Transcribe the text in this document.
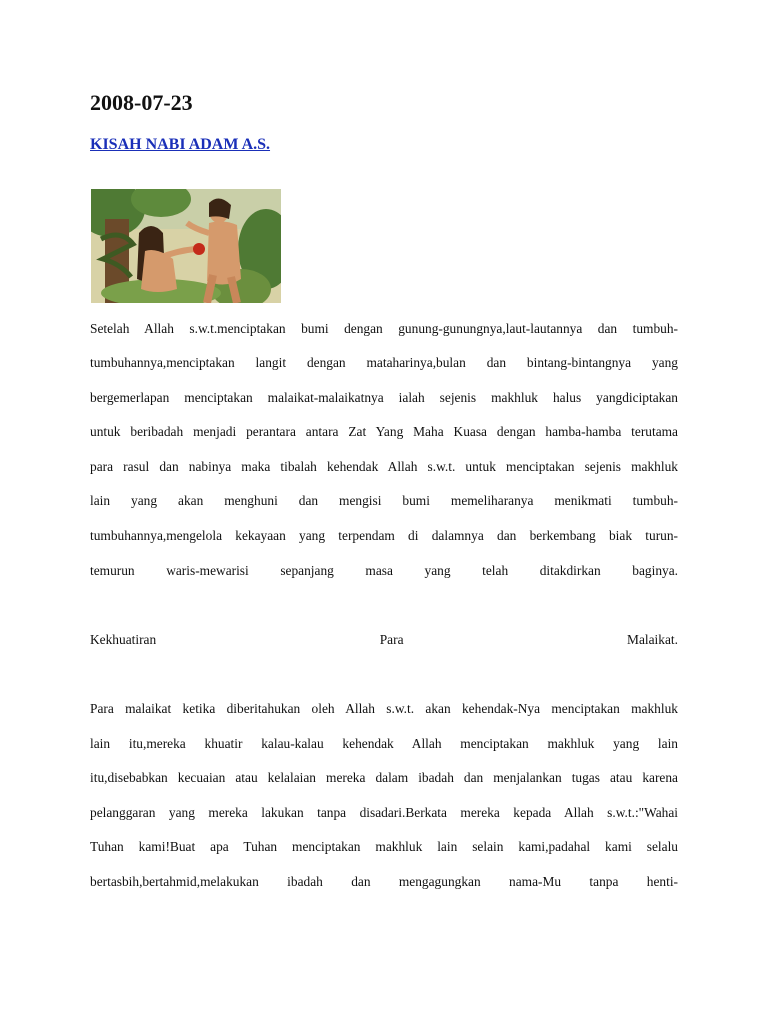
2008-07-23
KISAH NABI ADAM A.S.
Setelah Allah s.w.t.menciptakan bumi dengan gunung-gunungnya,laut-lautannya dan tumbuh-
tumbuhannya,menciptakan langit dengan mataharinya,bulan dan bintang-bintangnya yang
bergemerlapan menciptakan malaikat-malaikatnya ialah sejenis makhluk halus yangdiciptakan
untuk beribadah menjadi perantara antara Zat Yang Maha Kuasa dengan hamba-hamba terutama
para rasul dan nabinya maka tibalah kehendak Allah s.w.t. untuk menciptakan sejenis makhluk
lain yang akan menghuni dan mengisi bumi memeliharanya menikmati tumbuh-
tumbuhannya,mengelola kekayaan yang terpendam di dalamnya dan berkembang biak turun-
temurun waris-mewarisi sepanjang masa yang telah ditakdirkan baginya.
Kekhuatiran Para Malaikat.
Para malaikat ketika diberitahukan oleh Allah s.w.t. akan kehendak-Nya menciptakan makhluk
lain itu,mereka khuatir kalau-kalau kehendak Allah menciptakan makhluk yang lain
itu,disebabkan kecuaian atau kelalaian mereka dalam ibadah dan menjalankan tugas atau karena
pelanggaran yang mereka lakukan tanpa disadari.Berkata mereka kepada Allah s.w.t.:"Wahai
Tuhan kami!Buat apa Tuhan menciptakan makhluk lain selain kami,padahal kami selalu
bertasbih,bertahmid,melakukan ibadah dan mengagungkan nama-Mu tanpa henti-
